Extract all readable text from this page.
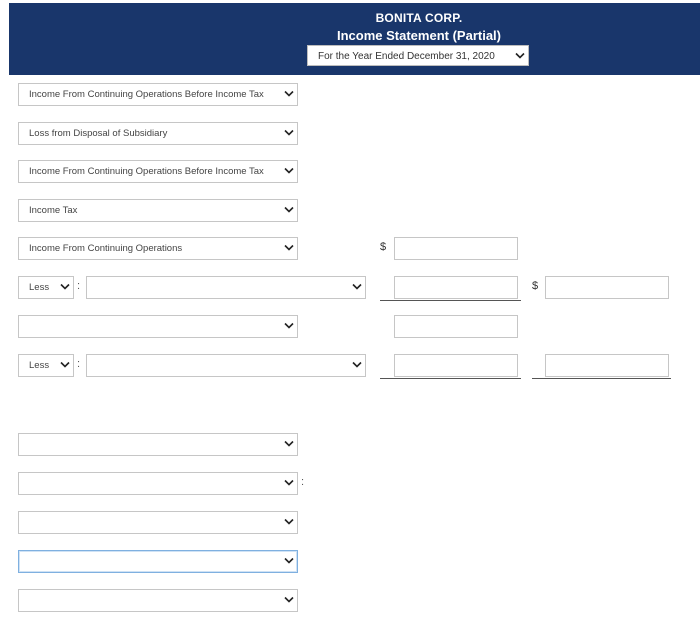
BONITA CORP.
Income Statement (Partial)
For the Year Ended December 31, 2020
Income From Continuing Operations Before Income Tax
Loss from Disposal of Subsidiary
Income From Continuing Operations Before Income Tax
Income Tax
Income From Continuing Operations	$
Less	:	$
Less	:
:
